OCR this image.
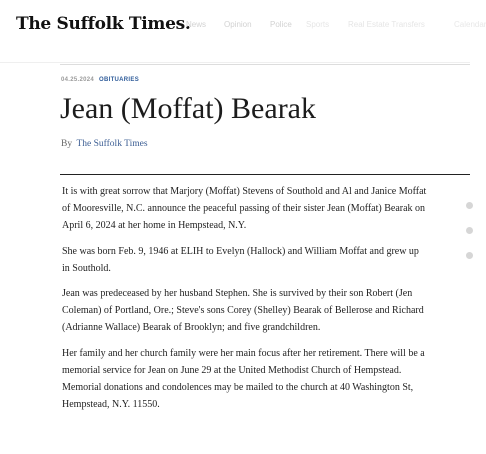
The Suffolk Times.
News Opinion Police Sports Real Estate Transfers	Calendar
04.25.2024 OBITUARIES
Jean (Moffat) Bearak
By The Suffolk Times

It is with great sorrow that Marjory (Moffat) Stevens of Southold and Al and Janice Moffat of Mooresville, N.C. announce the peaceful passing of their sister Jean (Moffat) Bearak on April 6, 2024 at her home in Hempstead, N.Y.

She was born Feb. 9, 1946 at ELIH to Evelyn (Hallock) and William Moffat and grew up in Southold.

Jean was predeceased by her husband Stephen. She is survived by their son Robert (Jen Coleman) of Portland, Ore.; Steve's sons Corey (Shelley) Bearak of Bellerose and Richard (Adrianne Wallace) Bearak of Brooklyn; and five grandchildren.

Her family and her church family were her main focus after her retirement. There will be a memorial service for Jean on June 29 at the United Methodist Church of Hempstead. Memorial donations and condolences may be mailed to the church at 40 Washington St, Hempstead, N.Y. 11550.
